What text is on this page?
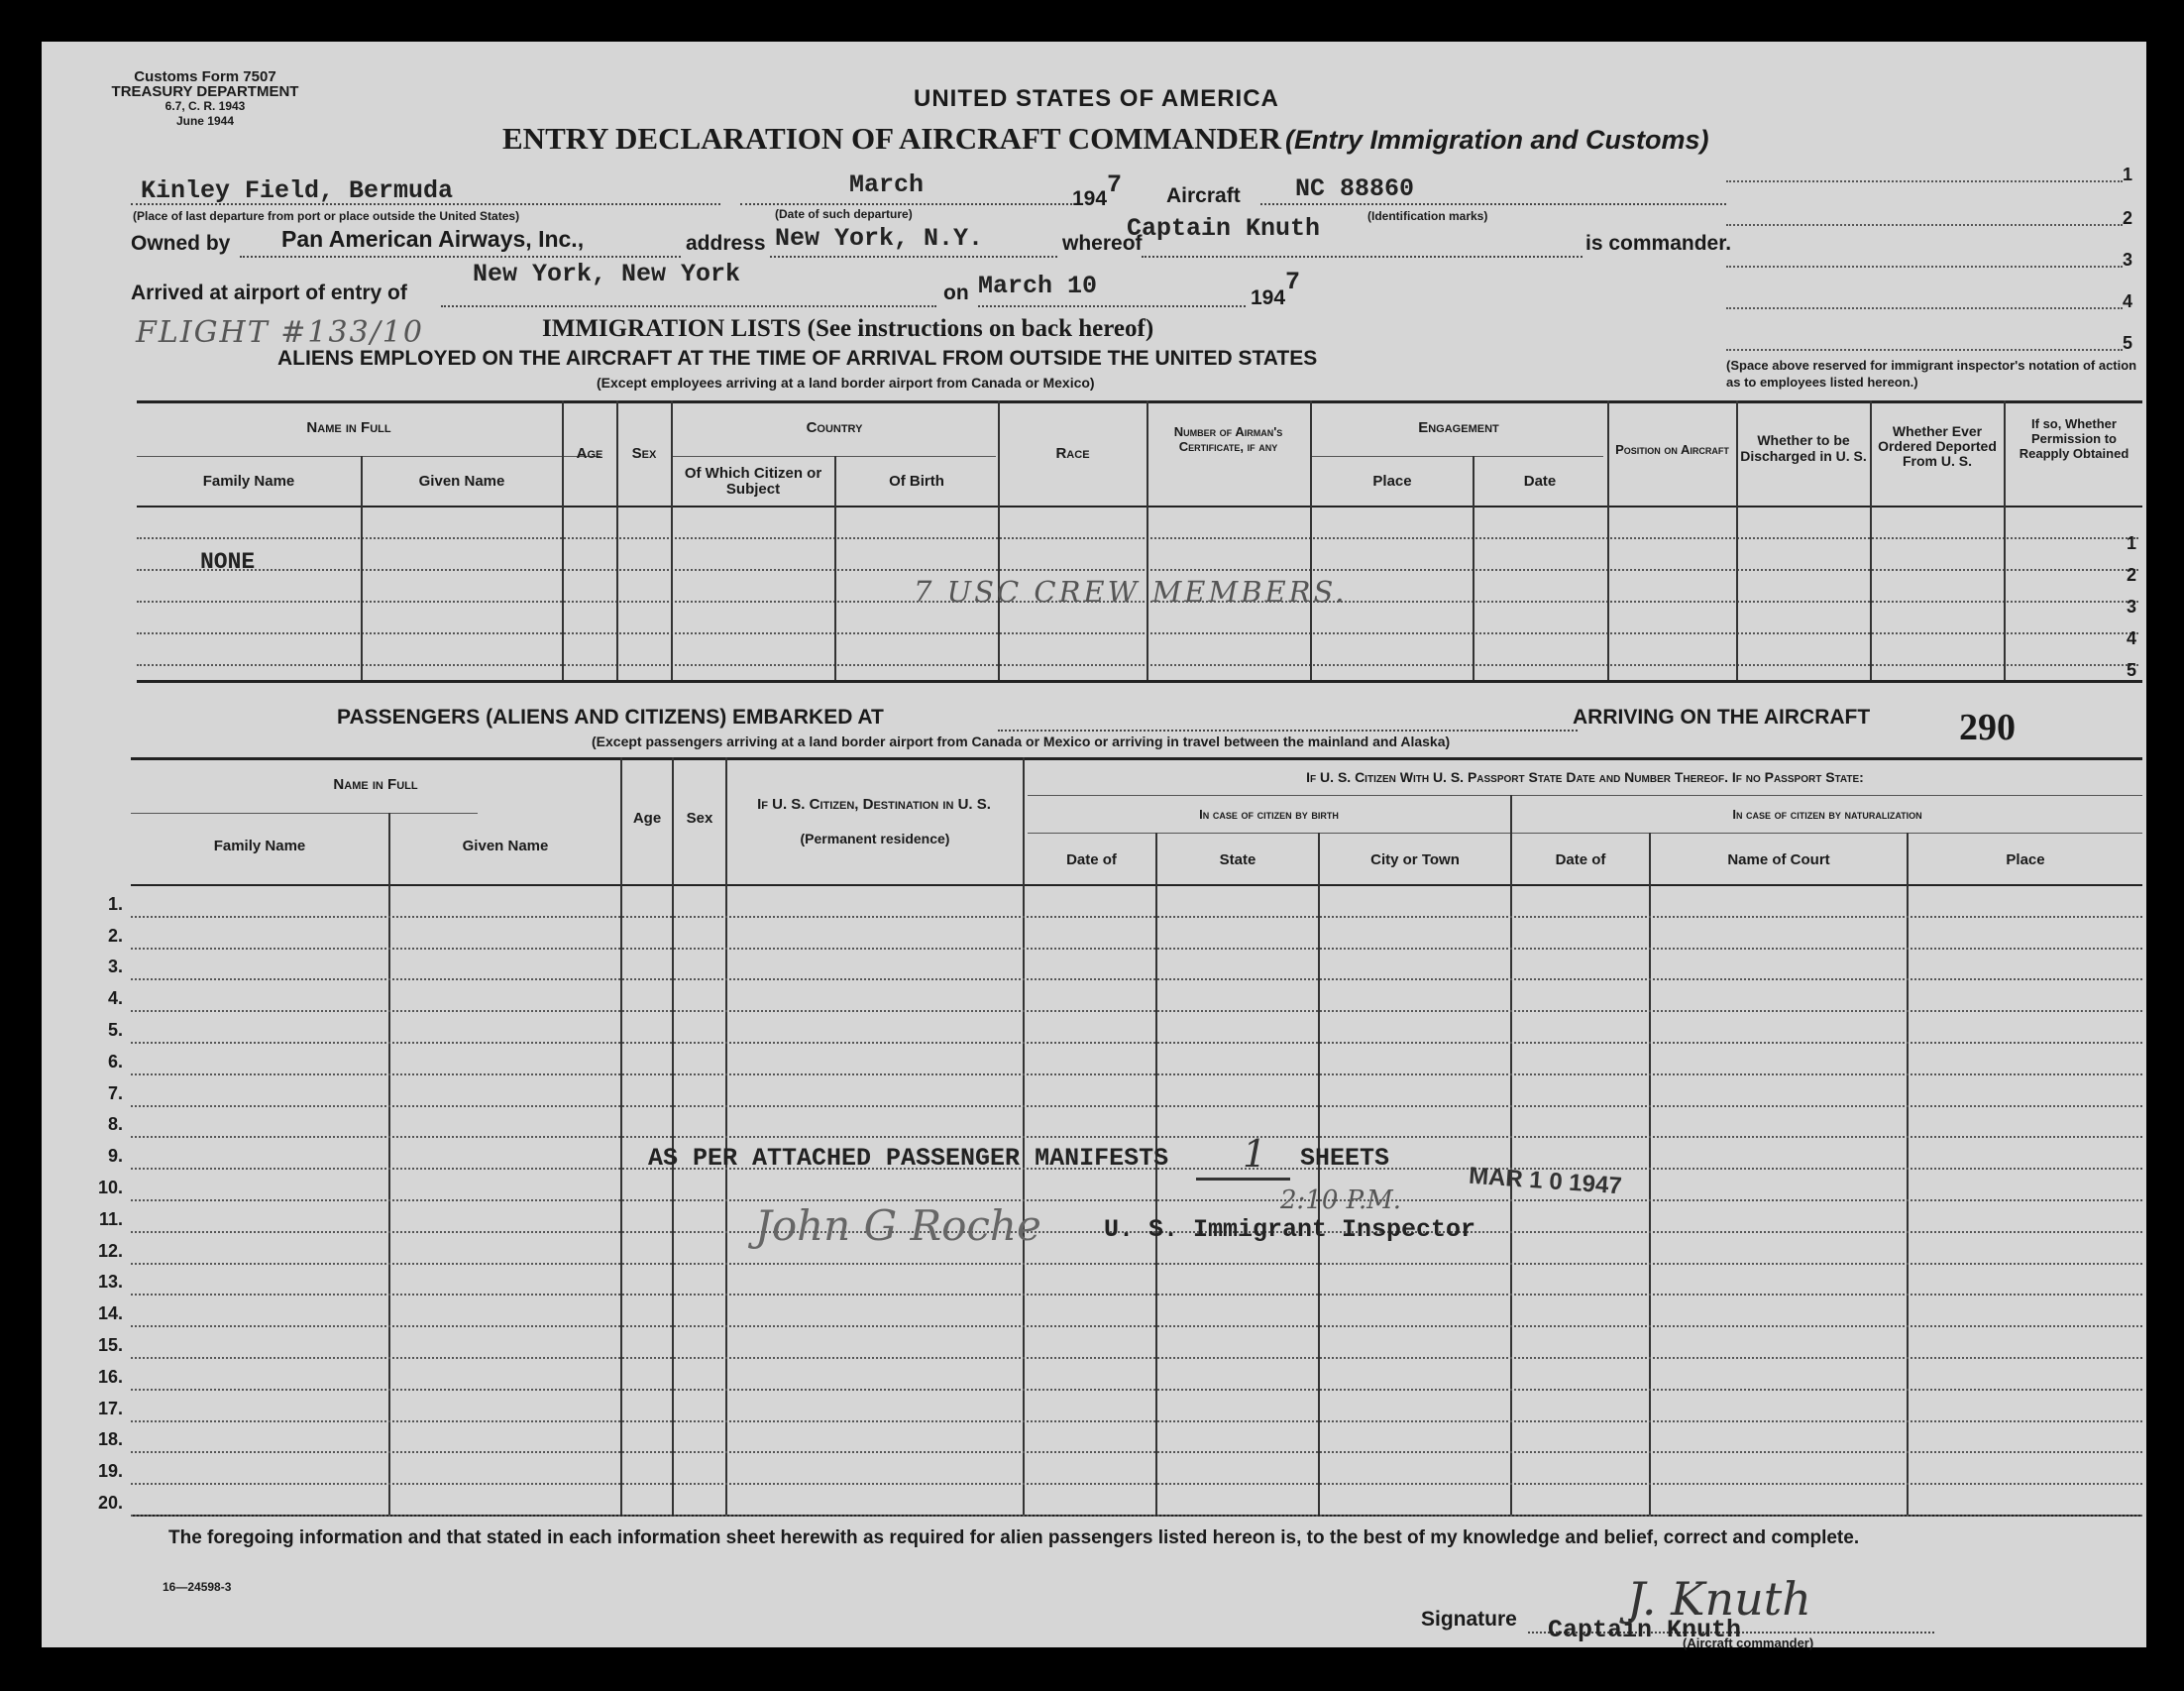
Customs Form 7507
TREASURY DEPARTMENT
6.7, C. R. 1943
June 1944
UNITED STATES OF AMERICA
ENTRY DECLARATION OF AIRCRAFT COMMANDER (Entry Immigration and Customs)
Kinley Field, Bermuda
(Place of last departure from port or place outside the United States)
March
(Date of such departure)
1947 Aircraft NC 88860
(Identification marks)
Owned by Pan American Airways, Inc.,	address New York, N.Y.	whereof
Captain Knuth
is commander.
Arrived at airport of entry of
New York, New York
on March 10	1947
1
2
3
4
5
(Space above reserved for immigrant inspector's notation of action as to employees listed hereon.)
FLIGHT #133/10	IMMIGRATION LISTS (See instructions on back hereof)
ALIENS EMPLOYED ON THE AIRCRAFT AT THE TIME OF ARRIVAL FROM OUTSIDE THE UNITED STATES
(Except employees arriving at a land border airport from Canada or Mexico)
Name in Full
Family Name	Given Name
Age	Sex
Country
Of Which Citizen or Subject	Of Birth
Race
Number of Airman's Certificate, if any
Engagement
Place	Date
Position on Aircraft
Whether to be Discharged in U. S.
Whether Ever Ordered Deported From U. S.
If so, Whether Permission to Reapply Obtained
1
2
3
4
5
NONE
7 USC CREW MEMBERS.
PASSENGERS (ALIENS AND CITIZENS) EMBARKED AT	ARRIVING ON THE AIRCRAFT 290
(Except passengers arriving at a land border airport from Canada or Mexico or arriving in travel between the mainland and Alaska)
Name in Full
Family Name	Given Name
Age	Sex
If U. S. Citizen, Destination in U. S.
(Permanent residence)
If U. S. Citizen With U. S. Passport State Date and Number Thereof. If no Passport State:
In case of citizen by birth	In case of citizen by naturalization
Date of	State	City or Town	Date of	Name of Court	Place
1.
2.
3.
4.
5.
6.
7.
8.
9.
10.
11.
12.
13.
14.
15.
16.
17.
18.
19.
20.
AS PER ATTACHED PASSENGER MANIFESTS 1 SHEETS
MAR 1 0 1947
2:10 P.M.
John G Roche	U. S. Immigrant Inspector
The foregoing information and that stated in each information sheet herewith as required for alien passengers listed hereon is, to the best of my knowledge and belief, correct and complete.
16—24598-3
Signature J. Knuth
(Aircraft commander)
Captain Knuth
